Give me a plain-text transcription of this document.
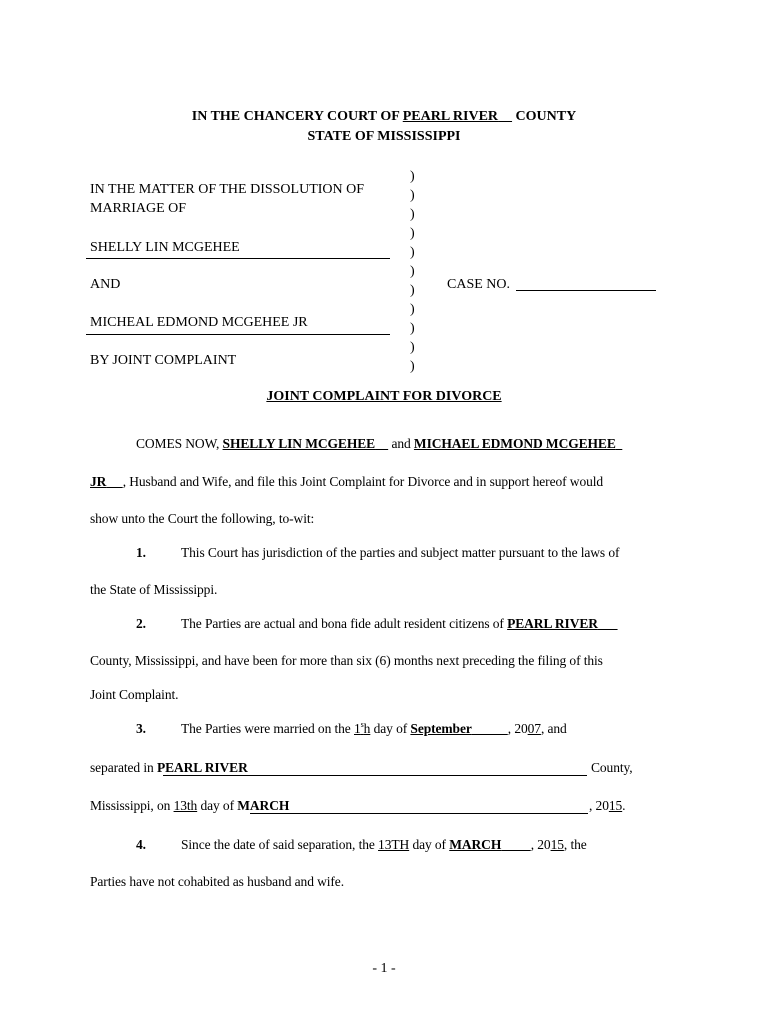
IN THE CHANCERY COURT OF PEARL RIVER COUNTY
STATE OF MISSISSIPPI
IN THE MATTER OF THE DISSOLUTION OF
MARRIAGE OF
SHELLY LIN MCGEHEE
AND
MICHEAL EDMOND MCGEHEE JR
BY JOINT COMPLAINT
)
)
)
)
)
)
)
)
)
)
)
CASE NO.
JOINT COMPLAINT FOR DIVORCE
COMES NOW, SHELLY LIN MCGEHEE and MICHAEL EDMOND MCGEHEE
JR , Husband and Wife, and file this Joint Complaint for Divorce and in support hereof would
show unto the Court the following, to-wit:
1.	This Court has jurisdiction of the parties and subject matter pursuant to the laws of
the State of Mississippi.
2.	The Parties are actual and bona fide adult resident citizens of PEARL RIVER
County, Mississippi, and have been for more than six (6) months next preceding the filing of this
Joint Complaint.
3.	The Parties were married on the 1$^s$h day of September	, 2007, and
separated in PEARL RIVER	County,
Mississippi, on 13th day of MARCH	, 2015.
4.	Since the date of said separation, the 13TH day of MARCH , 2015, the
Parties have not cohabited as husband and wife.
- 1 -
